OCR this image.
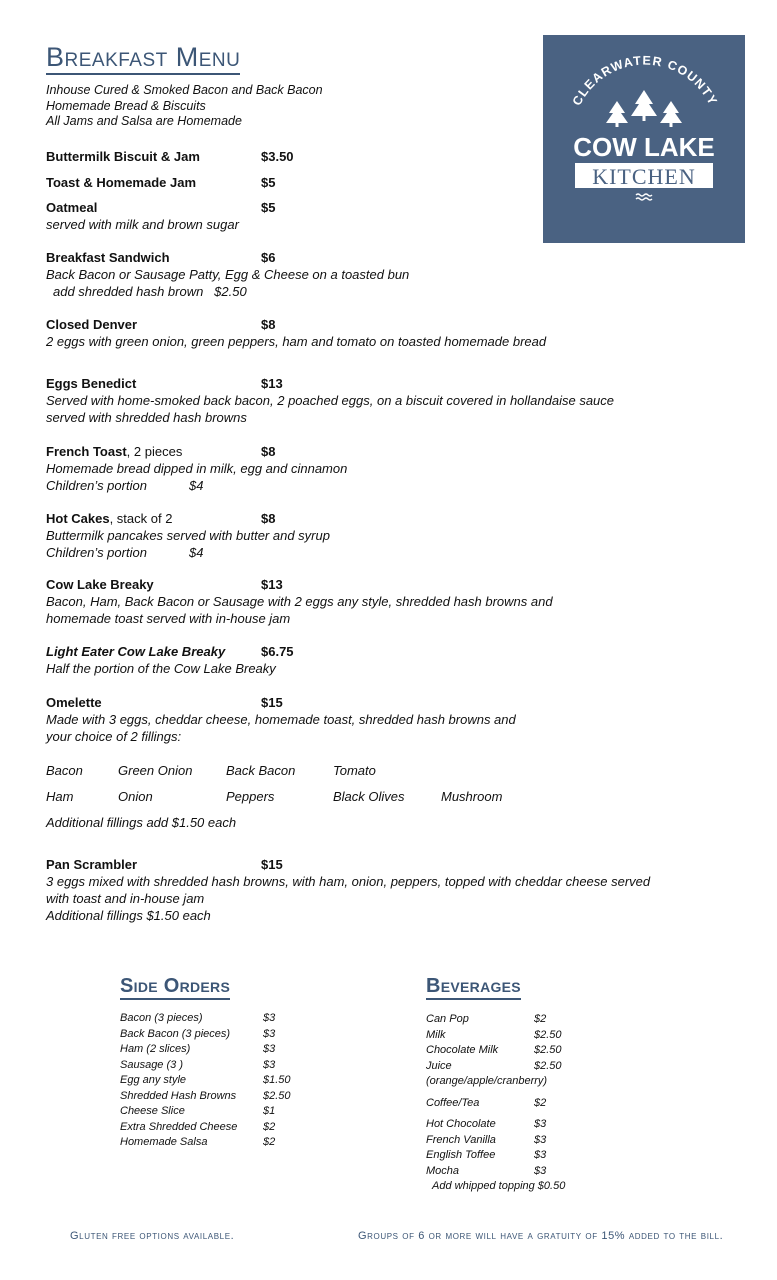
Breakfast Menu
Inhouse Cured & Smoked Bacon and Back Bacon
Homemade Bread & Biscuits
All Jams and Salsa are Homemade
CLEARWATER COUNTY
COW LAKE
KITCHEN
Buttermilk Biscuit & Jam	$3.50
Toast & Homemade Jam	$5
Oatmeal	$5
served with milk and brown sugar
Breakfast Sandwich	$6
Back Bacon or Sausage Patty, Egg & Cheese on a toasted bun
add shredded hash brown   $2.50
Closed Denver	$8
2 eggs with green onion, green peppers, ham and tomato on toasted homemade bread
Eggs Benedict	$13
Served with home-smoked back bacon, 2 poached eggs, on a biscuit covered in hollandaise sauce
served with shredded hash browns
French Toast, 2 pieces	$8
Homemade bread dipped in milk, egg and cinnamon
Children’s portion	$4
Hot Cakes, stack of 2	$8
Buttermilk pancakes served with butter and syrup
Children’s portion	$4
Cow Lake Breaky	$13
Bacon, Ham, Back Bacon or Sausage with 2 eggs any style, shredded hash browns and
homemade toast served with in-house jam
Light Eater Cow Lake Breaky	$6.75
Half the portion of the Cow Lake Breaky
Omelette	$15
Made with 3 eggs, cheddar cheese, homemade toast, shredded hash browns and
your choice of 2 fillings:
Bacon	Green Onion	Back Bacon	Tomato
Ham	Onion	Peppers	Black Olives	Mushroom
Additional fillings add $1.50 each
Pan Scrambler	$15
3 eggs mixed with shredded hash browns, with ham, onion, peppers, topped with cheddar cheese served
with toast and in-house jam
Additional fillings $1.50 each
Side Orders
Bacon (3 pieces)	$3
Back Bacon (3 pieces)	$3
Ham (2 slices)	$3
Sausage (3 )	$3
Egg any style	$1.50
Shredded Hash Browns $2.50
Cheese Slice	$1
Extra Shredded Cheese $2
Homemade Salsa	$2
Beverages
Can Pop	$2
Milk	$2.50
Chocolate Milk	$2.50
Juice	$2.50
(orange/apple/cranberry)
Coffee/Tea	$2
Hot Chocolate	$3
French Vanilla	$3
English Toffee	$3
Mocha	$3
Add whipped topping $0.50
Gluten free options available.	Groups of 6 or more will have a gratuity of 15% added to the bill.
